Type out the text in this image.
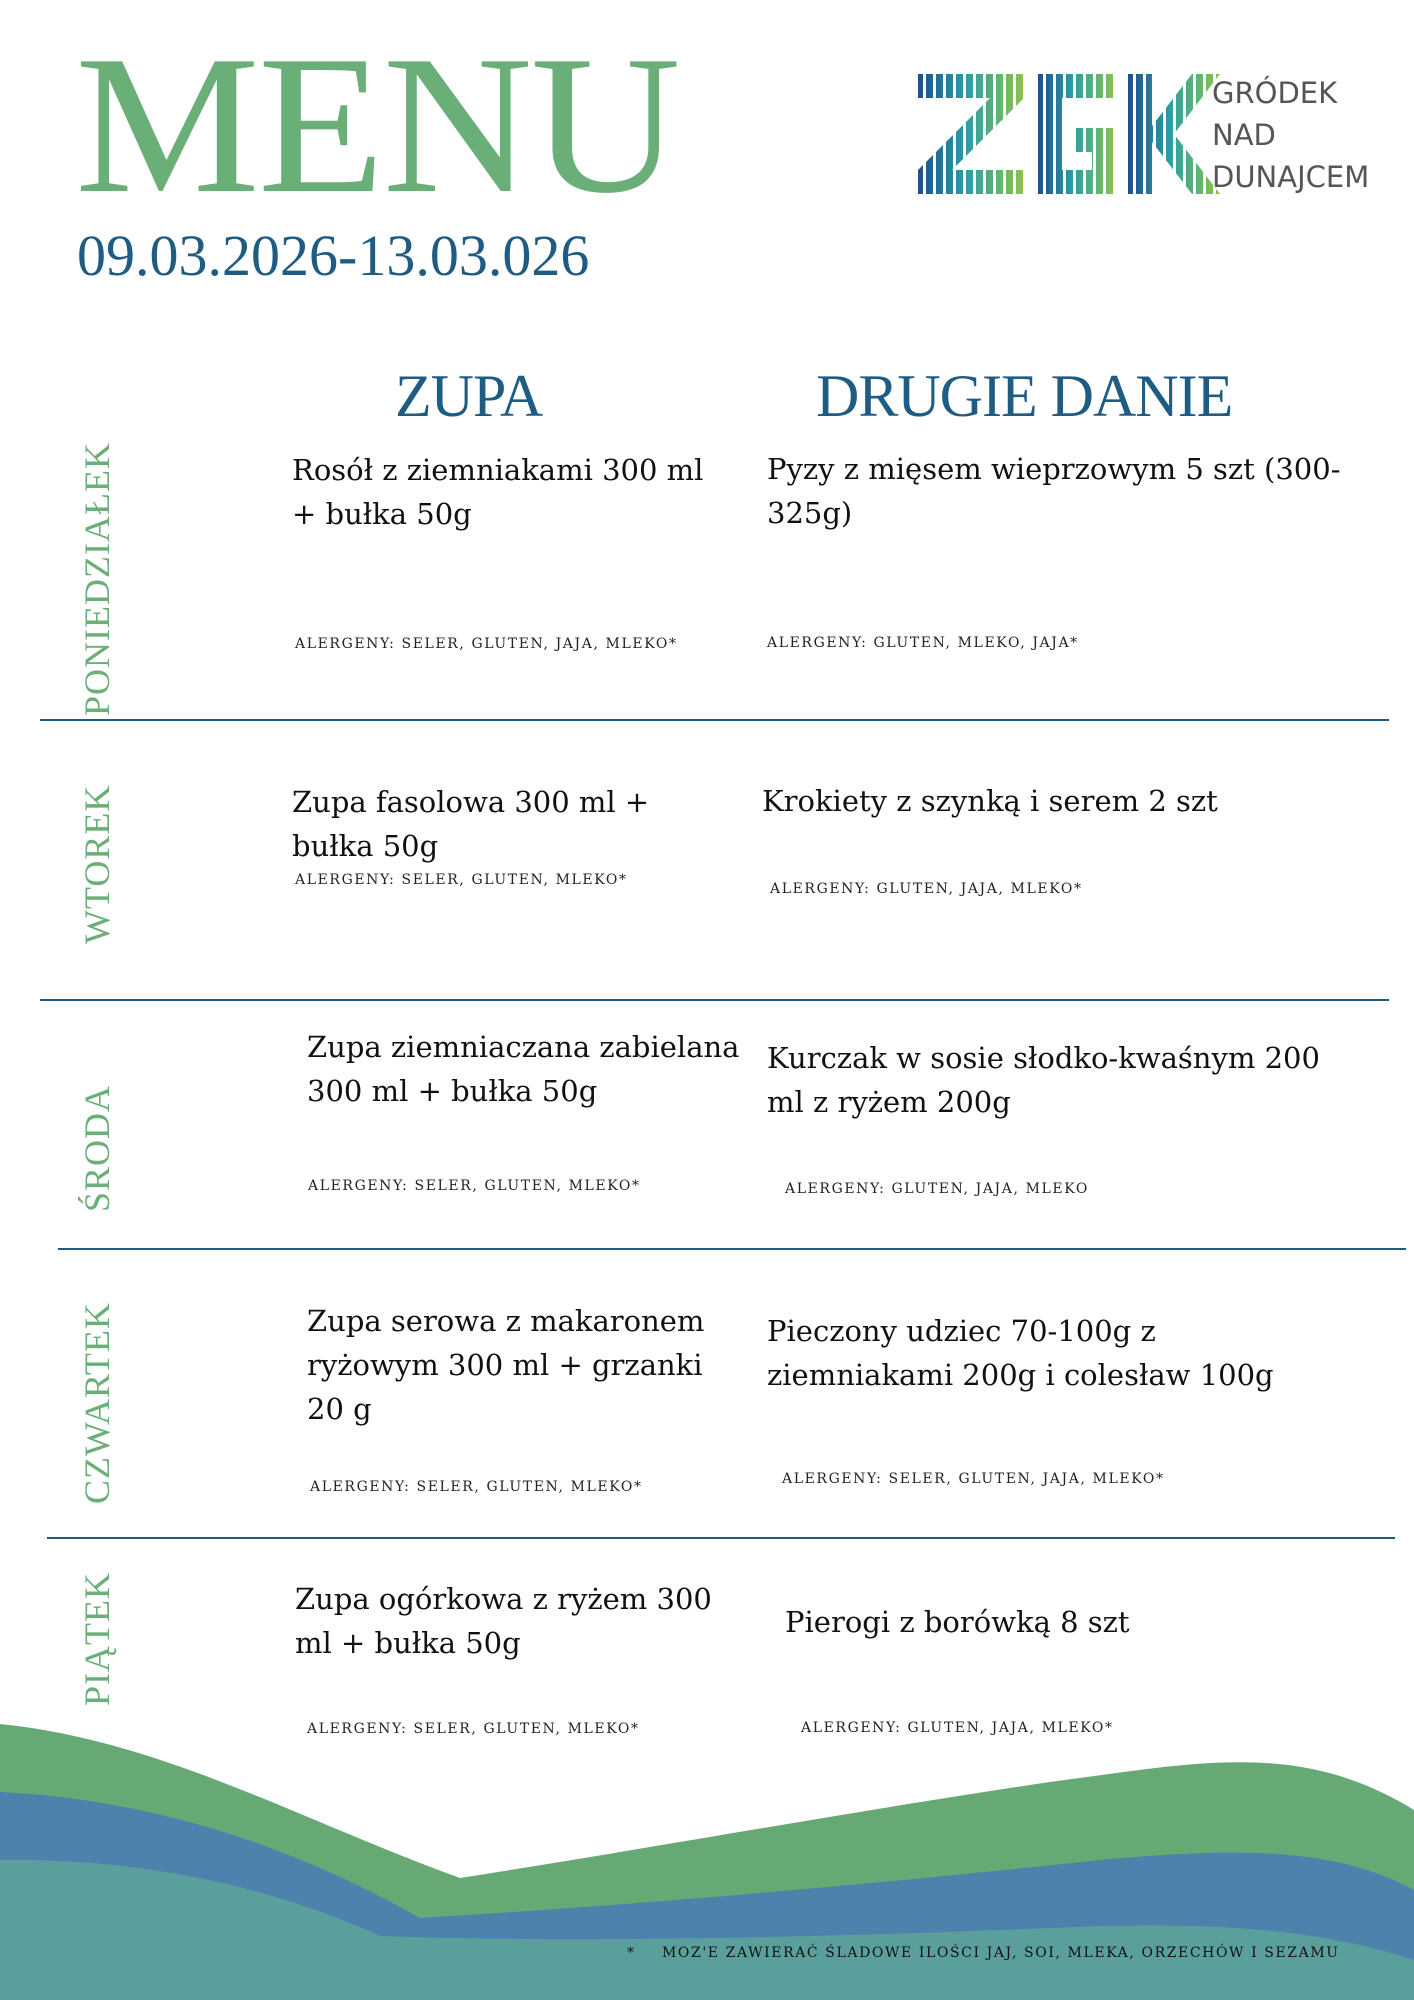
MENU
09.03.2026-13.03.026
GRÓDEK
NAD
DUNAJCEM
ZUPA	DRUGIE DANIE
PONIEDZIAŁEK
WTOREK
ŚRODA
CZWARTEK
PIĄTEK
Rosół z ziemniakami 300 ml + bułka 50g
ALERGENY: SELER, GLUTEN, JAJA, MLEKO*
Pyzy z mięsem wieprzowym 5 szt (300-325g)
ALERGENY: GLUTEN, MLEKO, JAJA*
Zupa fasolowa 300 ml + bułka 50g
ALERGENY: SELER, GLUTEN, MLEKO*
Krokiety z szynką i serem 2 szt
ALERGENY: GLUTEN, JAJA, MLEKO*
Zupa ziemniaczana zabielana 300 ml + bułka 50g
ALERGENY: SELER, GLUTEN, MLEKO*
Kurczak w sosie słodko-kwaśnym 200 ml z ryżem 200g
ALERGENY: GLUTEN, JAJA, MLEKO
Zupa serowa z makaronem ryżowym 300 ml + grzanki 20 g
ALERGENY: SELER, GLUTEN, MLEKO*
Pieczony udziec 70-100g z ziemniakami 200g i colesław 100g
ALERGENY: SELER, GLUTEN, JAJA, MLEKO*
Zupa ogórkowa z ryżem 300 ml + bułka 50g
ALERGENY: SELER, GLUTEN, MLEKO*
Pierogi z borówką 8 szt
ALERGENY: GLUTEN, JAJA, MLEKO*
* MOZ'E ZAWIERAĆ ŚLADOWE ILOŚCI JAJ, SOI, MLEKA, ORZECHÓW I SEZAMU
